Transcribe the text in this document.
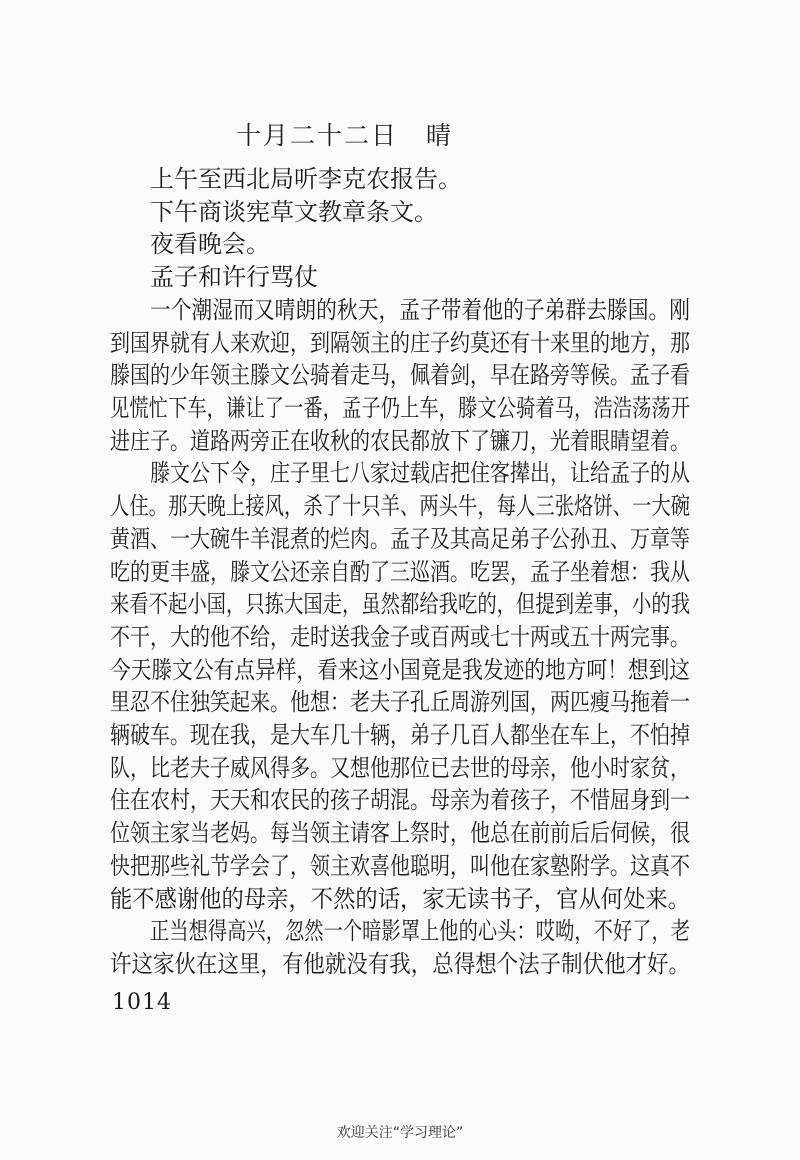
十月二十二日 晴
上午至西北局听李克农报告。
下午商谈宪草文教章条文。
夜看晚会。
孟子和许行骂仗
一个潮湿而又晴朗的秋天，孟子带着他的子弟群去滕国。刚
到国界就有人来欢迎，到隔领主的庄子约莫还有十来里的地方，那
滕国的少年领主滕文公骑着走马，佩着剑，早在路旁等候。孟子看
见慌忙下车，谦让了一番，孟子仍上车，滕文公骑着马，浩浩荡荡开
进庄子。道路两旁正在收秋的农民都放下了镰刀，光着眼睛望着。
滕文公下令，庄子里七八家过载店把住客撵出，让给孟子的从
人住。那天晚上接风，杀了十只羊、两头牛，每人三张烙饼、一大碗
黄酒、一大碗牛羊混煮的烂肉。孟子及其高足弟子公孙丑、万章等
吃的更丰盛，滕文公还亲自酌了三巡酒。吃罢，孟子坐着想：我从
来看不起小国，只拣大国走，虽然都给我吃的，但提到差事，小的我
不干，大的他不给，走时送我金子或百两或七十两或五十两完事。
今天滕文公有点异样，看来这小国竟是我发迹的地方呵！想到这
里忍不住独笑起来。他想：老夫子孔丘周游列国，两匹瘦马拖着一
辆破车。现在我，是大车几十辆，弟子几百人都坐在车上，不怕掉
队，比老夫子威风得多。又想他那位已去世的母亲，他小时家贫，
住在农村，天天和农民的孩子胡混。母亲为着孩子，不惜屈身到一
位领主家当老妈。每当领主请客上祭时，他总在前前后后伺候，很
快把那些礼节学会了，领主欢喜他聪明，叫他在家塾附学。这真不
能不感谢他的母亲，不然的话，家无读书子，官从何处来。
正当想得高兴，忽然一个暗影罩上他的心头：哎呦，不好了，老
许这家伙在这里，有他就没有我，总得想个法子制伏他才好。
1014
欢迎关注“学习理论”
